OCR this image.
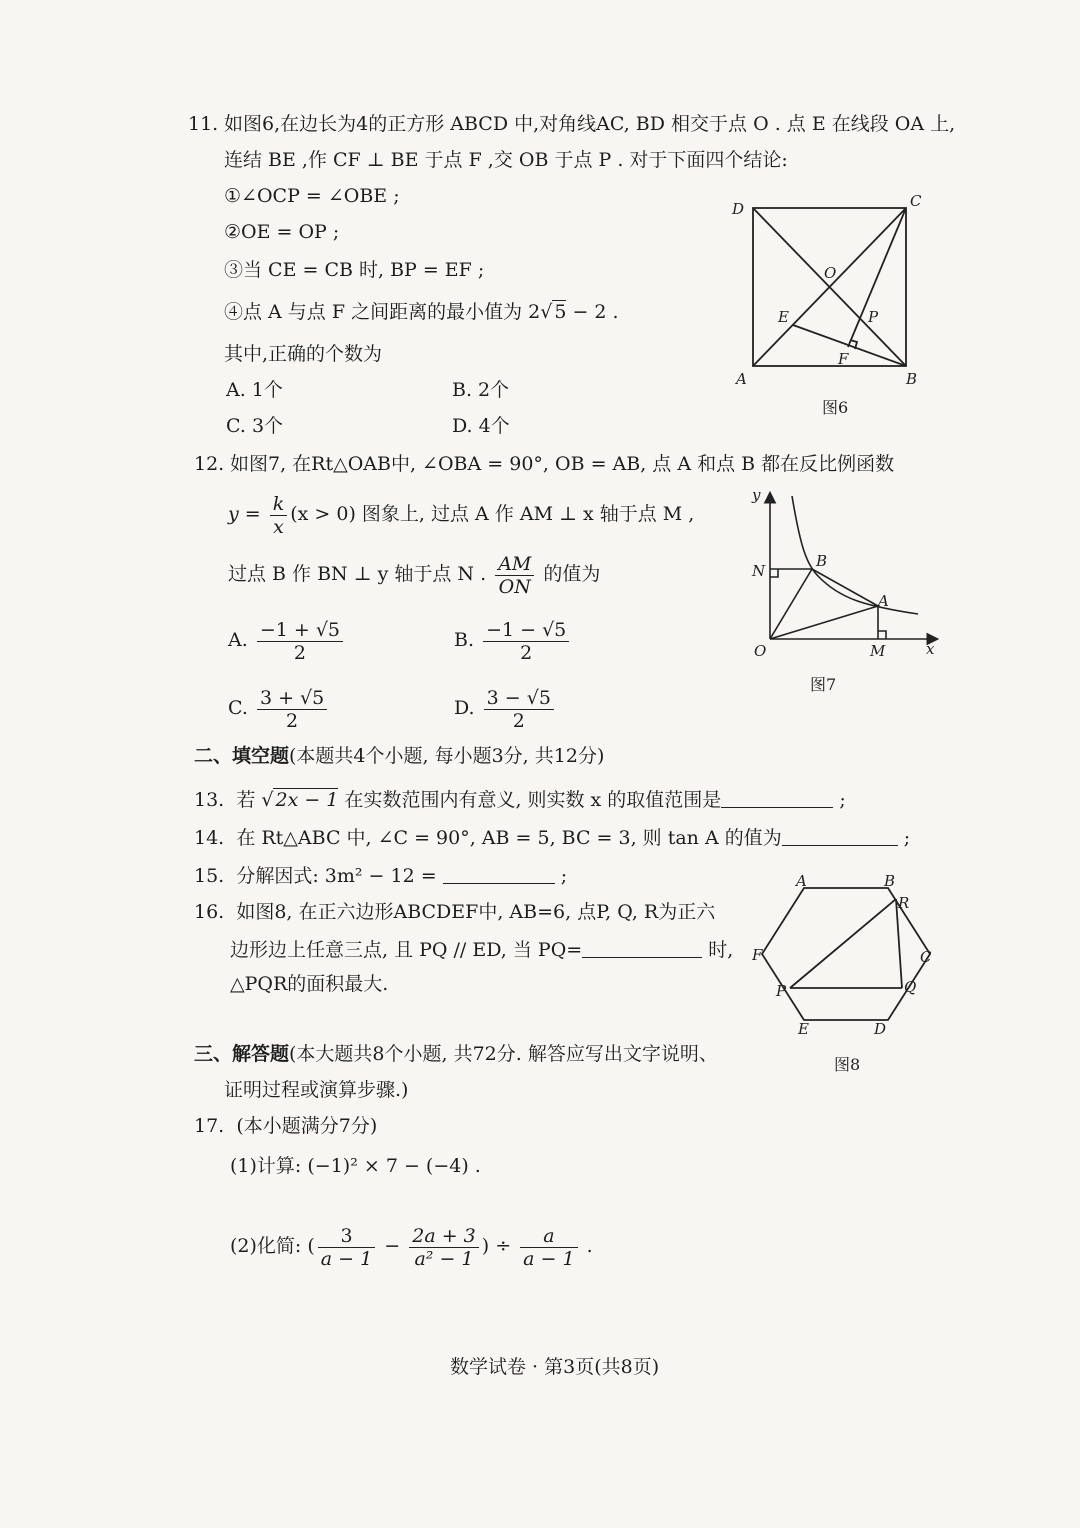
11. 如图6,在边长为4的正方形 ABCD 中,对角线AC, BD 相交于点 O . 点 E 在线段 OA 上,
连结 BE ,作 CF ⊥ BE 于点 F ,交 OB 于点 P . 对于下面四个结论:
①∠OCP = ∠OBE ;
②OE = OP ;
③当 CE = CB 时, BP = EF ;
④点 A 与点 F 之间距离的最小值为 2√ 5 − 2 .
其中,正确的个数为
A. 1个	B. 2个
C. 3个	D. 4个
D	C
O
E	P
F
A	B
图6
12. 如图7, 在Rt△OAB中, ∠OBA = 90°, OB = AB, 点 A 和点 B 都在反比例函数
$y = \frac{k}{x} (x > 0)$ 图象上, 过点 A 作 AM ⊥ x 轴于点 M ,
过点 B 作 BN ⊥ y 轴于点 N . $\frac{AM}{ON}$ 的值为
A. $\frac{-1 + √5}{2}$	B. $\frac{-1 - √5}{2}$
C. $\frac{3 + √5}{2}$	D. $\frac{3 - √5}{2}$
y
x
N
B
A
O	M
图7
二、填空题(本题共4个小题, 每小题3分, 共12分)
13. 若 √ 2x − 1 在实数范围内有意义, 则实数 x 的取值范围是	;
14. 在 Rt△ABC 中, ∠C = 90°, AB = 5, BC = 3, 则 tan A 的值为	;
15. 分解因式: 3m² − 12 =	;
16. 如图8, 在正六边形ABCDEF中, AB=6, 点P, Q, R为正六
边形边上任意三点, 且 PQ // ED, 当 PQ=	时,
△PQR的面积最大.
A	B
R
C
F
P	Q
E	D
图8
三、解答题(本大题共8个小题, 共72分. 解答应写出文字说明、
证明过程或演算步骤.)
17. (本小题满分7分)
(1)计算: (−1)² × 7 − (−4) .
(2)化简: ( $\frac{3}{a - 1} - \frac{2a + 3}{\text{a² − 1}}$ ) ÷ $\frac{a}{a - 1}$ .
数学试卷 · 第3页(共8页)
